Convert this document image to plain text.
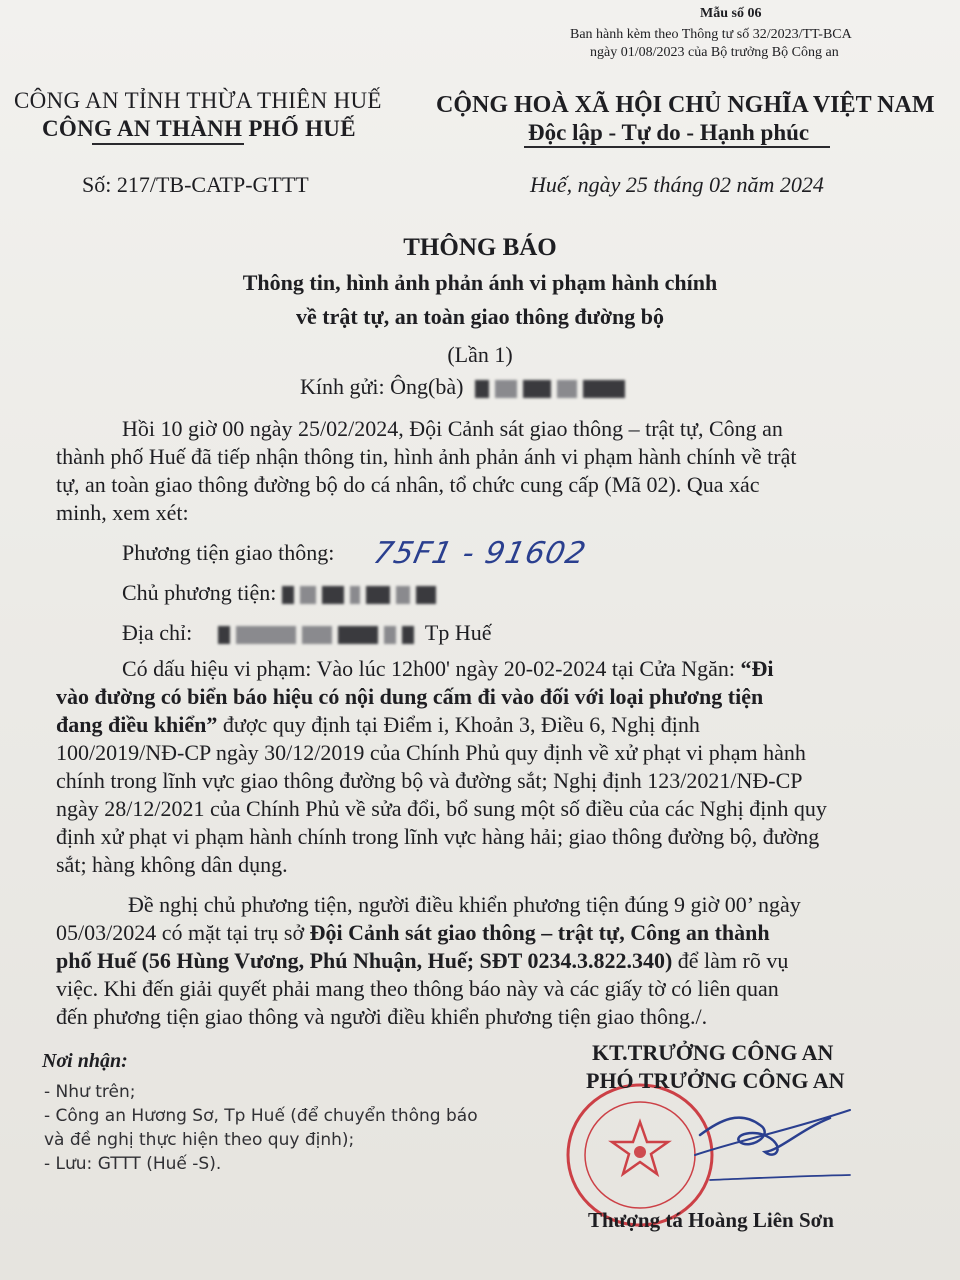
Mẫu số 06
Ban hành kèm theo Thông tư số 32/2023/TT-BCA
ngày 01/08/2023 của Bộ trưởng Bộ Công an
CÔNG AN TỈNH THỪA THIÊN HUẾ
CÔNG AN THÀNH PHỐ HUẾ
CỘNG HOÀ XÃ HỘI CHỦ NGHĨA VIỆT NAM
Độc lập - Tự do - Hạnh phúc
Số: 217/TB-CATP-GTTT	Huế, ngày 25 tháng 02 năm 2024
THÔNG BÁO
Thông tin, hình ảnh phản ánh vi phạm hành chính
về trật tự, an toàn giao thông đường bộ
(Lần 1)
Kính gửi: Ông(bà)
Hồi 10 giờ 00 ngày 25/02/2024, Đội Cảnh sát giao thông – trật tự, Công an
thành phố Huế đã tiếp nhận thông tin, hình ảnh phản ánh vi phạm hành chính về trật
tự, an toàn giao thông đường bộ do cá nhân, tổ chức cung cấp (Mã 02). Qua xác
minh, xem xét:
Phương tiện giao thông: 75F1 - 91602
Chủ phương tiện:
Địa chỉ:	Tp Huế
Có dấu hiệu vi phạm: Vào lúc 12h00' ngày 20-02-2024 tại Cửa Ngăn: “Đi
vào đường có biển báo hiệu có nội dung cấm đi vào đối với loại phương tiện
đang điều khiển” được quy định tại Điểm i, Khoản 3, Điều 6, Nghị định
100/2019/NĐ-CP ngày 30/12/2019 của Chính Phủ quy định về xử phạt vi phạm hành
chính trong lĩnh vực giao thông đường bộ và đường sắt; Nghị định 123/2021/NĐ-CP
ngày 28/12/2021 của Chính Phủ về sửa đổi, bổ sung một số điều của các Nghị định quy
định xử phạt vi phạm hành chính trong lĩnh vực hàng hải; giao thông đường bộ, đường
sắt; hàng không dân dụng.
Đề nghị chủ phương tiện, người điều khiển phương tiện đúng 9 giờ 00’ ngày
05/03/2024 có mặt tại trụ sở Đội Cảnh sát giao thông – trật tự, Công an thành
phố Huế (56 Hùng Vương, Phú Nhuận, Huế; SĐT 0234.3.822.340) để làm rõ vụ
việc. Khi đến giải quyết phải mang theo thông báo này và các giấy tờ có liên quan
đến phương tiện giao thông và người điều khiển phương tiện giao thông./.
Nơi nhận:
- Như trên;
- Công an Hương Sơ, Tp Huế (để chuyển thông báo
và đề nghị thực hiện theo quy định);
- Lưu: GTTT (Huế -S).
KT.TRƯỞNG CÔNG AN
PHÓ TRƯỞNG CÔNG AN
Thượng tá Hoàng Liên Sơn
